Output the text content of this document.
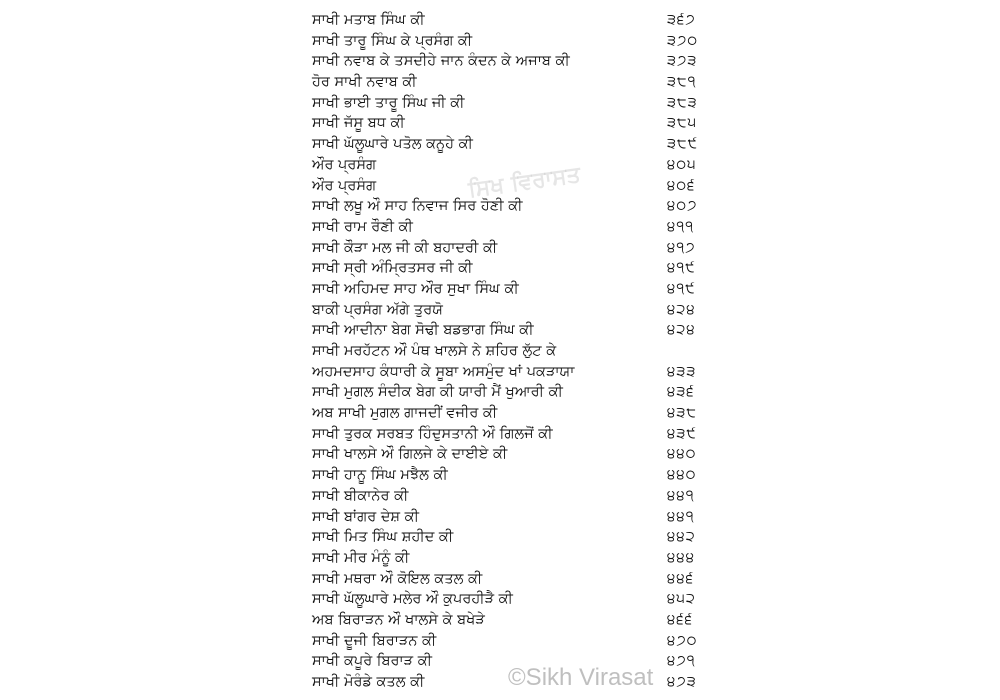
ਸਾਖੀ ਮਤਾਬ ਸਿੰਘ ਕੀ	੩੬੭
ਸਾਖੀ ਤਾਰੂ ਸਿੰਘ ਕੇ ਪ੍ਰਸੰਗ ਕੀ	੩੭੦
ਸਾਖੀ ਨਵਾਬ ਕੇ ਤਸਦੀਹੇ ਜਾਨ ਕੰਦਨ ਕੇ ਅਜਾਬ ਕੀ	੩੭੩
ਹੋਰ ਸਾਖੀ ਨਵਾਬ ਕੀ	੩੮੧
ਸਾਖੀ ਭਾਈ ਤਾਰੂ ਸਿੰਘ ਜੀ ਕੀ	੩੮੩
ਸਾਖੀ ਜੱਸੂ ਬਧ ਕੀ	੩੮੫
ਸਾਖੀ ਘੱਲੂਘਾਰੇ ਪਤੋਲ ਕਨੂਹੇ ਕੀ	੩੮੯
ਔਰ ਪ੍ਰਸੰਗ	੪੦੫
ਔਰ ਪ੍ਰਸੰਗ	੪੦੬
ਸਾਖੀ ਲਖੂ ਔ ਸਾਹ ਨਿਵਾਜ ਸਿਰ ਹੋਣੀ ਕੀ	੪੦੭
ਸਾਖੀ ਰਾਮ ਰੌਣੀ ਕੀ	੪੧੧
ਸਾਖੀ ਕੌੜਾ ਮਲ ਜੀ ਕੀ ਬਹਾਦਰੀ ਕੀ	੪੧੭
ਸਾਖੀ ਸ੍ਰੀ ਅੰਮ੍ਰਿਤਸਰ ਜੀ ਕੀ	੪੧੯
ਸਾਖੀ ਅਹਿਮਦ ਸਾਹ ਔਰ ਸੁਖਾ ਸਿੰਘ ਕੀ	੪੧੯
ਬਾਕੀ ਪ੍ਰਸੰਗ ਅੱਗੇ ਤੁਰਯੋ	੪੨੪
ਸਾਖੀ ਆਦੀਨਾ ਬੇਗ ਸੋਢੀ ਬਡਭਾਗ ਸਿੰਘ ਕੀ	੪੨੪
ਸਾਖੀ ਮਰਹੱਟਨ ਔ ਪੰਥ ਖਾਲਸੇ ਨੇ ਸ਼ਹਿਰ ਲੁੱਟ ਕੇ
ਅਹਮਦਸਾਹ ਕੰਧਾਰੀ ਕੇ ਸੂਬਾ ਅਸਮੁੰਦ ਖਾਂ ਪਕੜਾਯਾ	੪੩੩
ਸਾਖੀ ਮੁਗਲ ਸੰਦੀਕ ਬੇਗ ਕੀ ਯਾਰੀ ਮੈਂ ਖੁਆਰੀ ਕੀ	੪੩੬
ਅਬ ਸਾਖੀ ਮੁਗਲ ਗਾਜਦੀਂ ਵਜੀਰ ਕੀ	੪੩੮
ਸਾਖੀ ਤੁਰਕ ਸਰਬਤ ਹਿੰਦੁਸਤਾਨੀ ਔ ਗਿਲਜੋਂ ਕੀ	੪੩੯
ਸਾਖੀ ਖਾਲਸੇ ਔ ਗਿਲਜੇ ਕੇ ਦਾਈਏ ਕੀ	੪੪੦
ਸਾਖੀ ਹਾਨੂ ਸਿੰਘ ਮਝੈਲ ਕੀ	੪੪੦
ਸਾਖੀ ਬੀਕਾਨੇਰ ਕੀ	੪੪੧
ਸਾਖੀ ਬਾਂਗਰ ਦੇਸ਼ ਕੀ	੪੪੧
ਸਾਖੀ ਮਿਤ ਸਿੰਘ ਸ਼ਹੀਦ ਕੀ	੪੪੨
ਸਾਖੀ ਮੀਰ ਮੰਨੂੰ ਕੀ	੪੪੪
ਸਾਖੀ ਮਥਰਾ ਔ ਕੋਇਲ ਕਤਲ ਕੀ	੪੪੬
ਸਾਖੀ ਘੱਲੂਘਾਰੇ ਮਲੇਰ ਔ ਕੁਪਰਹੀੜੈ ਕੀ	੪੫੨
ਅਬ ਬਿਰਾੜਨ ਔ ਖਾਲਸੇ ਕੇ ਬਖੇੜੇ	੪੬੬
ਸਾਖੀ ਦੂਜੀ ਬਿਰਾੜਨ ਕੀ	੪੭੦
ਸਾਖੀ ਕਪੂਰੇ ਬਿਰਾੜ ਕੀ	੪੭੧
ਸਾਖੀ ਮੋਰੰਡੇ ਕਤਲ ਕੀ	੪੭੩
ਸਿਖ ਵਿਰਾਸਤ
©Sikh Virasat
